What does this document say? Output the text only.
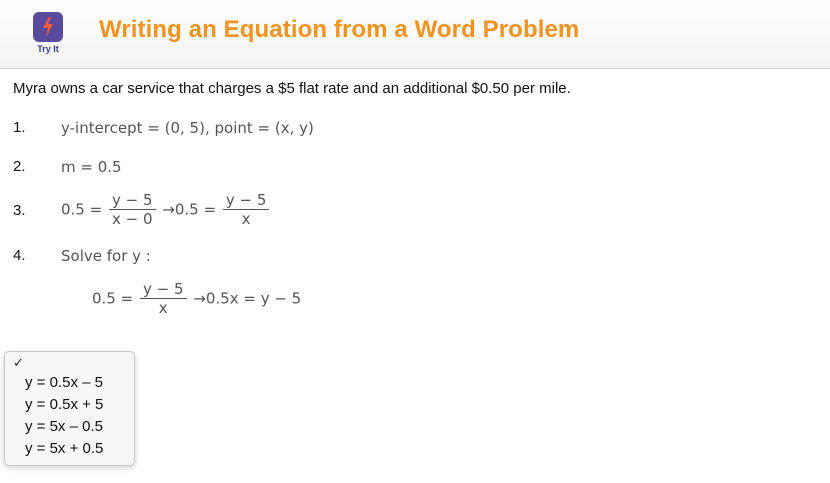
Try It
Writing an Equation from a Word Problem
Myra owns a car service that charges a $5 flat rate and an additional $0.50 per mile.
1. y-intercept = (0, 5), point = (x, y)
2. m = 0.5
3. $0.5 = \frac{y - 5}{x - 0} \to 0.5 = \frac{y - 5}{x}$
4. Solve for y :
$0.5 = \frac{y - 5}{x} \to 0.5x = y - 5$
✓
y = 0.5x – 5
y = 0.5x + 5
y = 5x – 0.5
y = 5x + 0.5
